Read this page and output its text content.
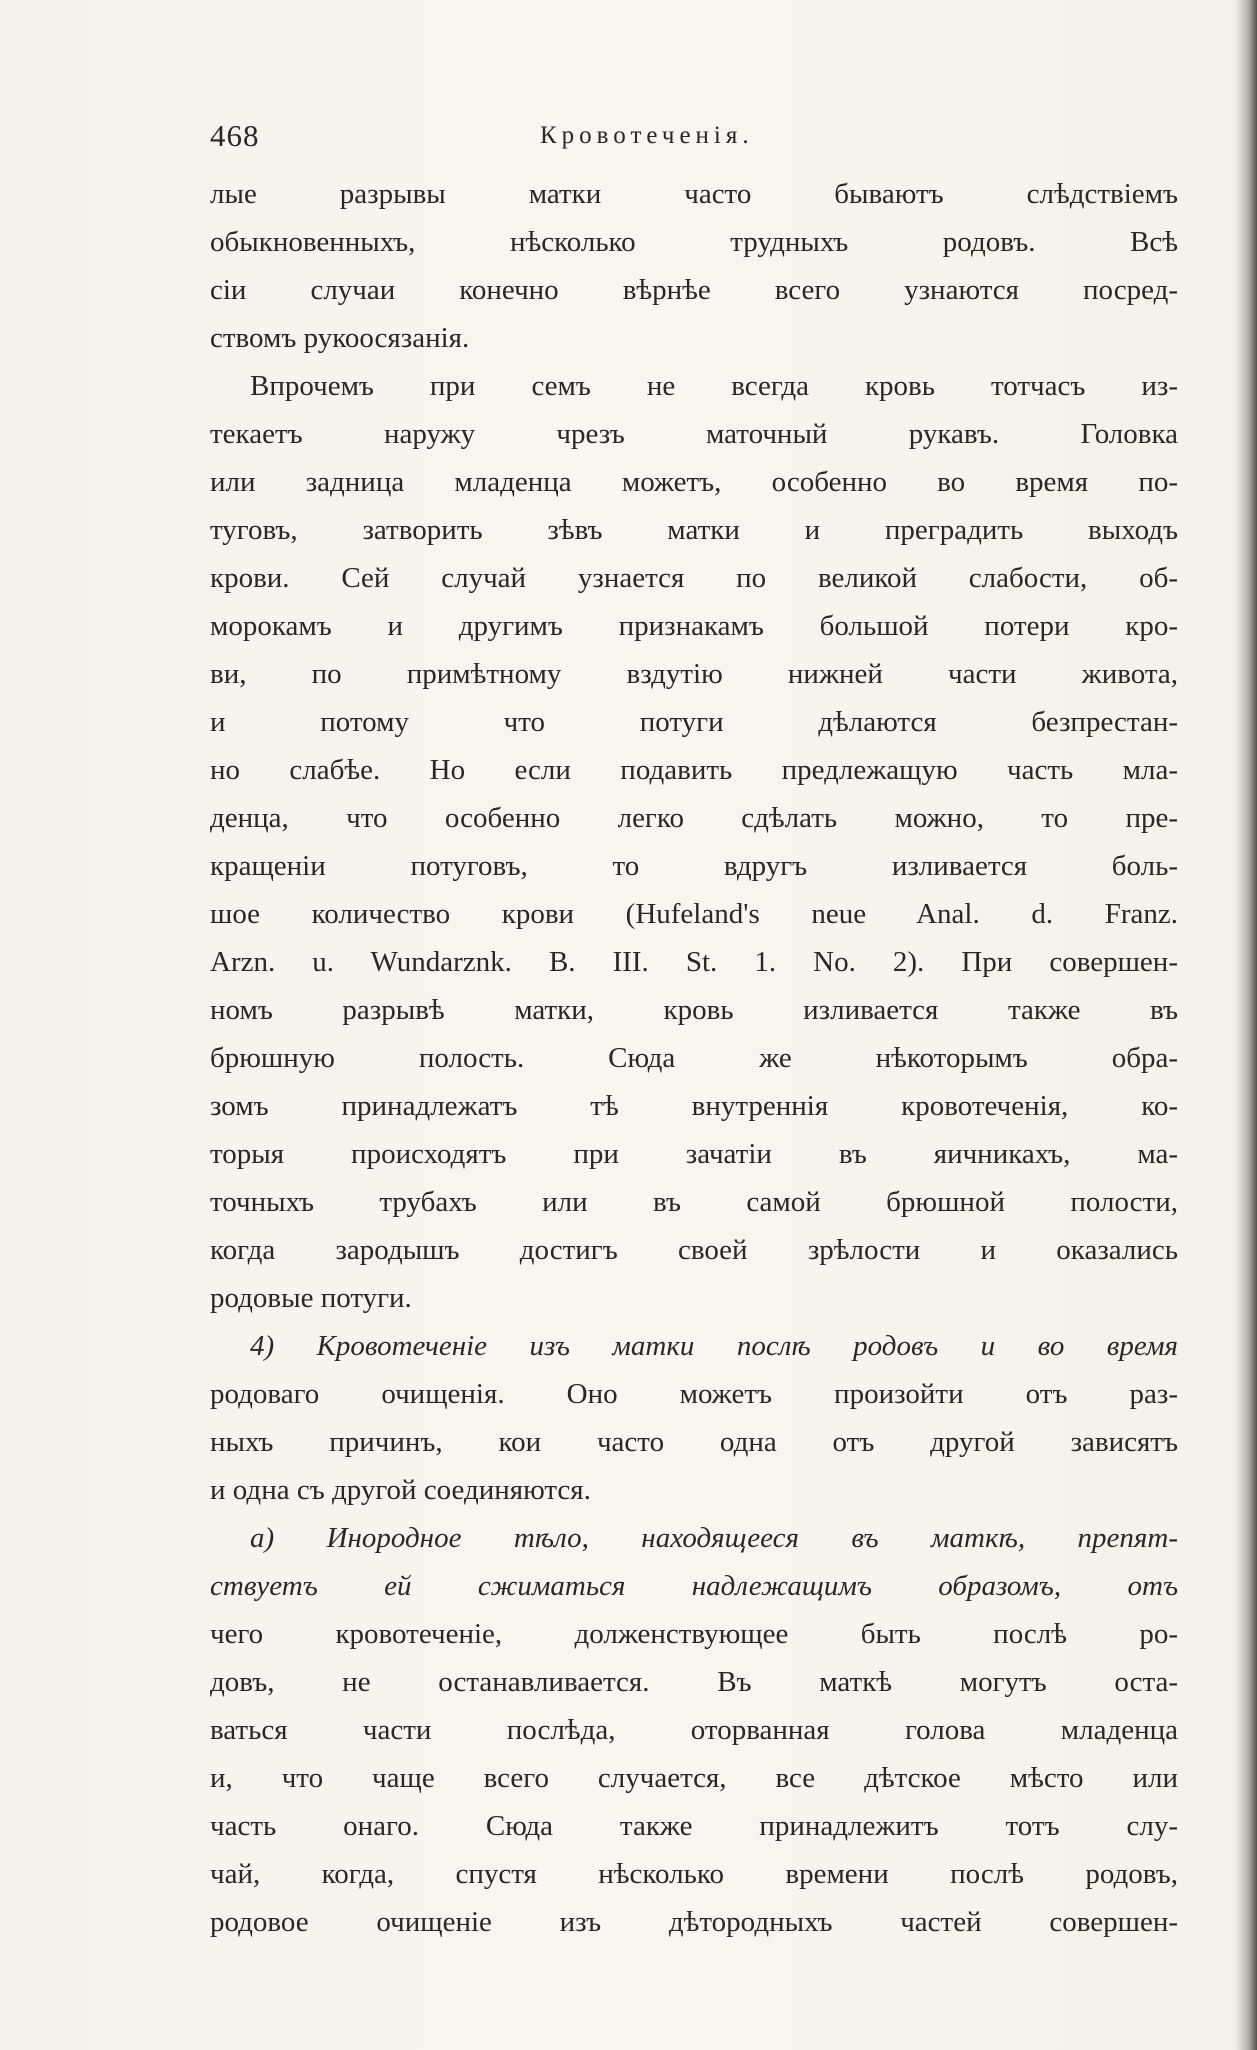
468	Кровотеченія.
лые разрывы матки часто бываютъ слѣдствіемъ
обыкновенныхъ, нѣсколько трудныхъ родовъ. Всѣ
сіи случаи конечно вѣрнѣе всего узнаются посред-
ствомъ рукоосязанія.
Впрочемъ при семъ не всегда кровь тотчасъ из-
текаетъ наружу чрезъ маточный рукавъ. Головка
или задница младенца можетъ, особенно во время по-
туговъ, затворить зѣвъ матки и преградить выходъ
крови. Сей случай узнается по великой слабости, об-
морокамъ и другимъ признакамъ большой потери кро-
ви, по примѣтному вздутію нижней части живота,
и потому что потуги дѣлаются безпрестан-
но слабѣе. Но если подавить предлежащую часть мла-
денца, что особенно легко сдѣлать можно, то пре-
кращеніи потуговъ, то вдругъ изливается боль-
шое количество крови (Hufeland's neue Anal. d. Franz.
Arzn. u. Wundarznk. B. III. St. 1. No. 2). При совершен-
номъ разрывѣ матки, кровь изливается также въ
брюшную полость. Сюда же нѣкоторымъ обра-
зомъ принадлежатъ тѣ внутреннія кровотеченія, ко-
торыя происходятъ при зачатіи въ яичникахъ, ма-
точныхъ трубахъ или въ самой брюшной полости,
когда зародышъ достигъ своей зрѣлости и оказались
родовые потуги.
4) Кровотеченіе изъ матки послѣ родовъ и во время
родоваго очищенія. Оно можетъ произойти отъ раз-
ныхъ причинъ, кои часто одна отъ другой зависятъ
и одна съ другой соединяются.
а) Инородное тѣло, находящееся въ маткѣ, препят-
ствуетъ ей сжиматься надлежащимъ образомъ, отъ
чего кровотеченіе, долженствующее быть послѣ ро-
довъ, не останавливается. Въ маткѣ могутъ оста-
ваться части послѣда, оторванная голова младенца
и, что чаще всего случается, все дѣтское мѣсто или
часть онаго. Сюда также принадлежитъ тотъ слу-
чай, когда, спустя нѣсколько времени послѣ родовъ,
родовое очищеніе изъ дѣтородныхъ частей совершен-
